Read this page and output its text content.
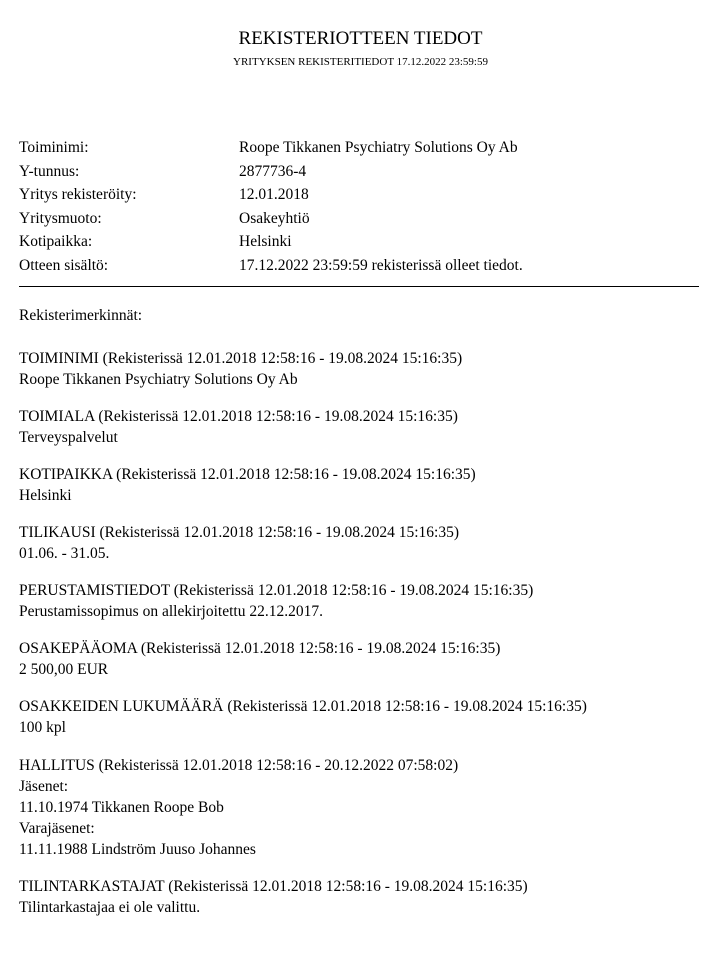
REKISTERIOTTEEN TIEDOT
YRITYKSEN REKISTERITIEDOT 17.12.2022 23:59:59
Toiminimi:	Roope Tikkanen Psychiatry Solutions Oy Ab
Y-tunnus:	2877736-4
Yritys rekisteröity:	12.01.2018
Yritysmuoto:	Osakeyhtiö
Kotipaikka:	Helsinki
Otteen sisältö:	17.12.2022 23:59:59 rekisterissä olleet tiedot.
Rekisterimerkinnät:
TOIMINIMI (Rekisterissä 12.01.2018 12:58:16 - 19.08.2024 15:16:35)
Roope Tikkanen Psychiatry Solutions Oy Ab
TOIMIALA (Rekisterissä 12.01.2018 12:58:16 - 19.08.2024 15:16:35)
Terveyspalvelut
KOTIPAIKKA (Rekisterissä 12.01.2018 12:58:16 - 19.08.2024 15:16:35)
Helsinki
TILIKAUSI (Rekisterissä 12.01.2018 12:58:16 - 19.08.2024 15:16:35)
01.06. - 31.05.
PERUSTAMISTIEDOT (Rekisterissä 12.01.2018 12:58:16 - 19.08.2024 15:16:35)
Perustamissopimus on allekirjoitettu 22.12.2017.
OSAKEPÄÄOMA (Rekisterissä 12.01.2018 12:58:16 - 19.08.2024 15:16:35)
2 500,00 EUR
OSAKKEIDEN LUKUMÄÄRÄ (Rekisterissä 12.01.2018 12:58:16 - 19.08.2024 15:16:35)
100 kpl
HALLITUS (Rekisterissä 12.01.2018 12:58:16 - 20.12.2022 07:58:02)
Jäsenet:
11.10.1974 Tikkanen Roope Bob
Varajäsenet:
11.11.1988 Lindström Juuso Johannes
TILINTARKASTAJAT (Rekisterissä 12.01.2018 12:58:16 - 19.08.2024 15:16:35)
Tilintarkastajaa ei ole valittu.
